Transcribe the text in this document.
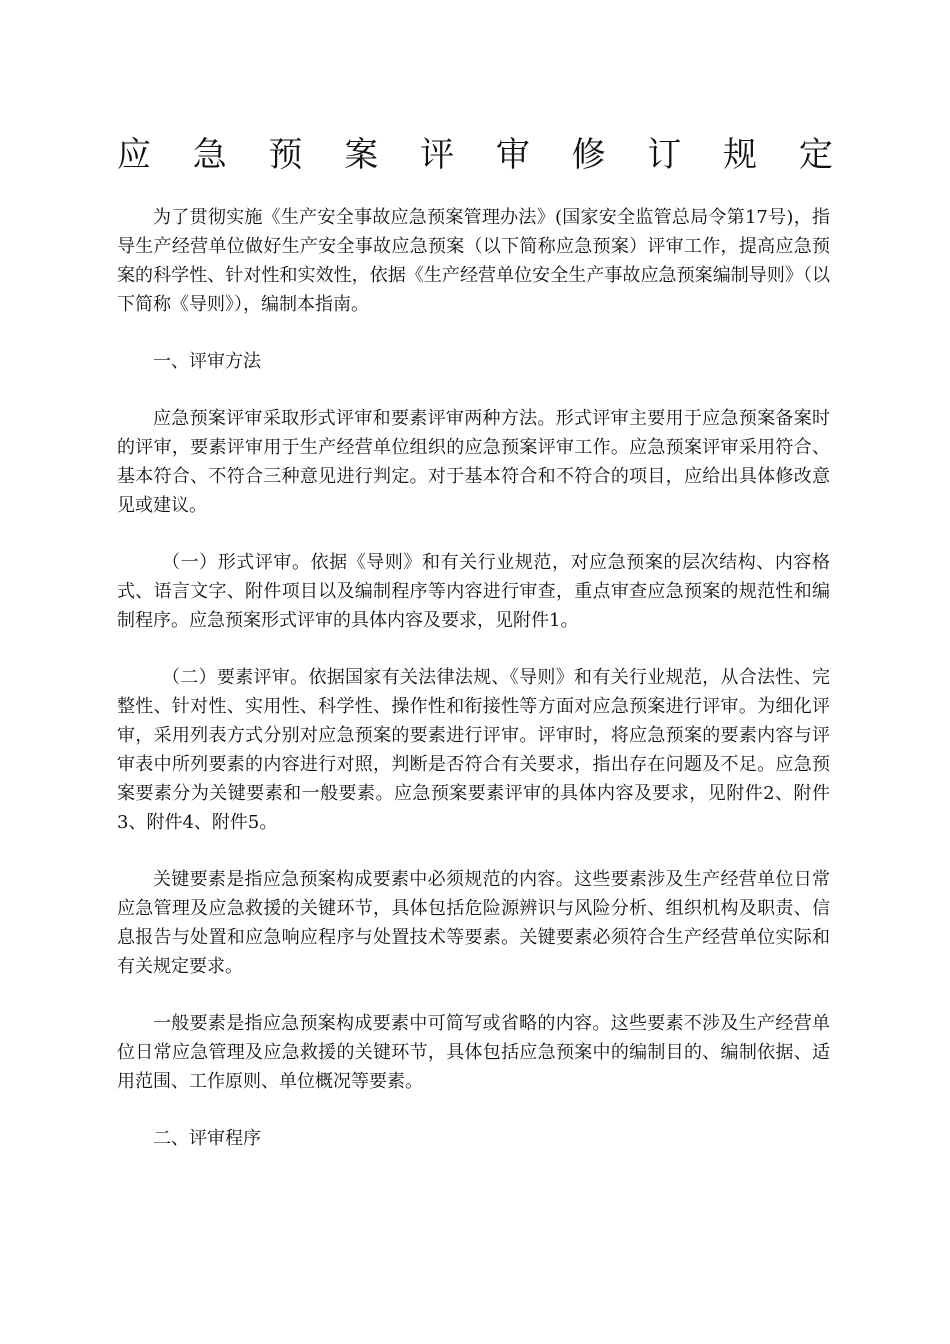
应 急 预 案 评 审 修 订 规 定

为了贯彻实施《生产安全事故应急预案管理办法》(国家安全监管总局令第17号)，指导生产经营单位做好生产安全事故应急预案（以下简称应急预案）评审工作，提高应急预案的科学性、针对性和实效性，依据《生产经营单位安全生产事故应急预案编制导则》（以下简称《导则》），编制本指南。

一、评审方法

应急预案评审采取形式评审和要素评审两种方法。形式评审主要用于应急预案备案时的评审，要素评审用于生产经营单位组织的应急预案评审工作。应急预案评审采用符合、基本符合、不符合三种意见进行判定。对于基本符合和不符合的项目，应给出具体修改意见或建议。

（一）形式评审。依据《导则》和有关行业规范，对应急预案的层次结构、内容格式、语言文字、附件项目以及编制程序等内容进行审查，重点审查应急预案的规范性和编制程序。应急预案形式评审的具体内容及要求，见附件1。

（二）要素评审。依据国家有关法律法规、《导则》和有关行业规范，从合法性、完整性、针对性、实用性、科学性、操作性和衔接性等方面对应急预案进行评审。为细化评审，采用列表方式分别对应急预案的要素进行评审。评审时，将应急预案的要素内容与评审表中所列要素的内容进行对照，判断是否符合有关要求，指出存在问题及不足。应急预案要素分为关键要素和一般要素。应急预案要素评审的具体内容及要求，见附件2、附件3、附件4、附件5。

关键要素是指应急预案构成要素中必须规范的内容。这些要素涉及生产经营单位日常应急管理及应急救援的关键环节，具体包括危险源辨识与风险分析、组织机构及职责、信息报告与处置和应急响应程序与处置技术等要素。关键要素必须符合生产经营单位实际和有关规定要求。

一般要素是指应急预案构成要素中可简写或省略的内容。这些要素不涉及生产经营单位日常应急管理及应急救援的关键环节，具体包括应急预案中的编制目的、编制依据、适用范围、工作原则、单位概况等要素。

二、评审程序
